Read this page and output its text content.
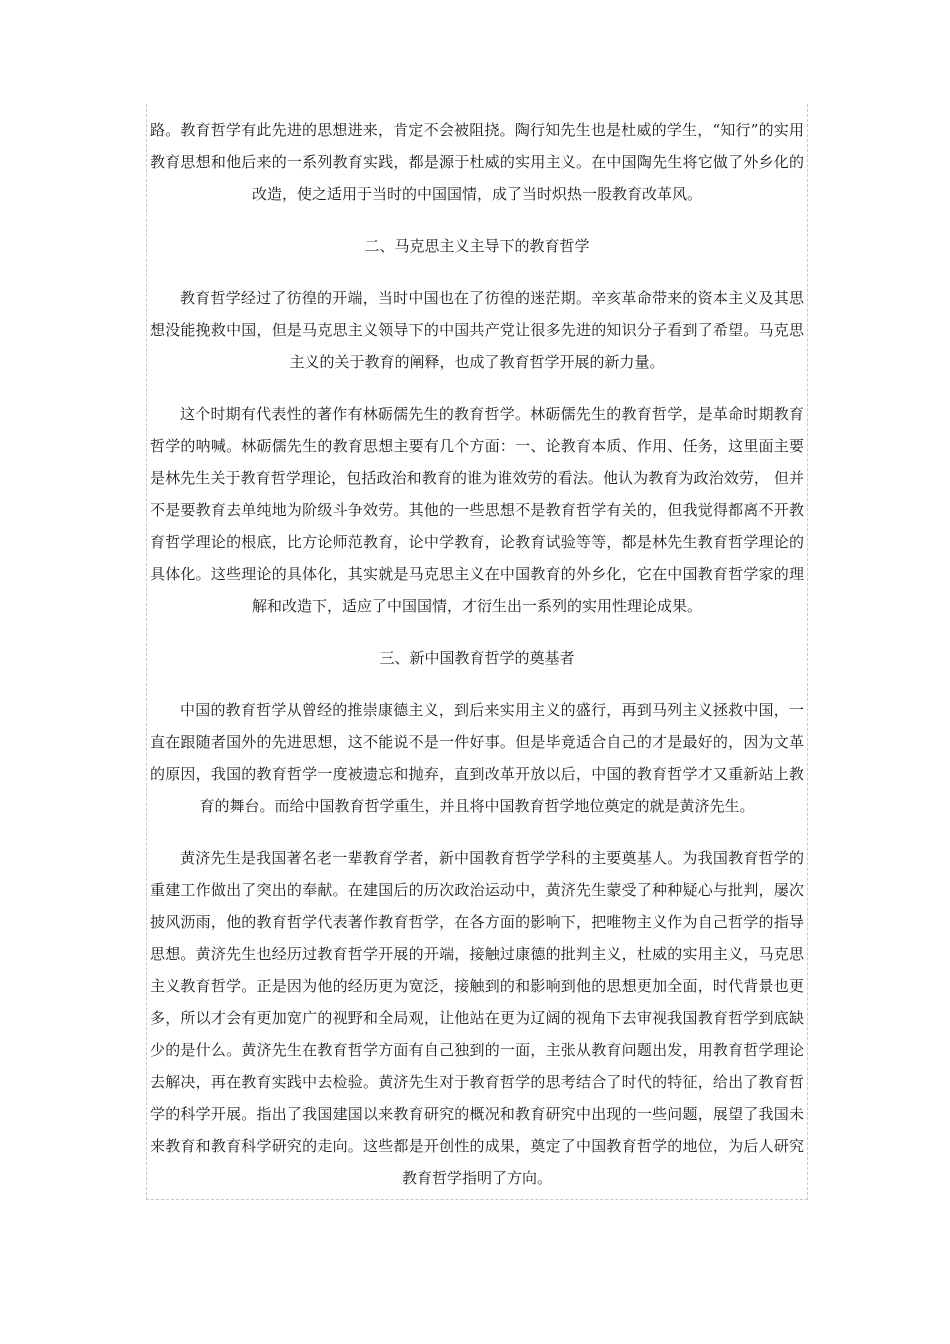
路。教育哲学有此先进的思想进来，肯定不会被阻挠。陶行知先生也是杜威的学生，“知行”的实用教育思想和他后来的一系列教育实践，都是源于杜威的实用主义。在中国陶先生将它做了外乡化的改造，使之适用于当时的中国国情，成了当时炽热一股教育改革风。

二、马克思主义主导下的教育哲学

教育哲学经过了彷徨的开端，当时中国也在了彷徨的迷茫期。辛亥革命带来的资本主义及其思想没能挽救中国，但是马克思主义领导下的中国共产党让很多先进的知识分子看到了希望。马克思主义的关于教育的阐释，也成了教育哲学开展的新力量。

这个时期有代表性的著作有林砺儒先生的教育哲学。林砺儒先生的教育哲学，是革命时期教育哲学的呐喊。林砺儒先生的教育思想主要有几个方面：一、论教育本质、作用、任务，这里面主要是林先生关于教育哲学理论，包括政治和教育的谁为谁效劳的看法。他认为教育为政治效劳， 但并不是要教育去单纯地为阶级斗争效劳。其他的一些思想不是教育哲学有关的，但我觉得都离不开教育哲学理论的根底，比方论师范教育，论中学教育，论教育试验等等，都是林先生教育哲学理论的具体化。这些理论的具体化，其实就是马克思主义在中国教育的外乡化，它在中国教育哲学家的理解和改造下，适应了中国国情，才衍生出一系列的实用性理论成果。

三、新中国教育哲学的奠基者

中国的教育哲学从曾经的推崇康德主义，到后来实用主义的盛行，再到马列主义拯救中国，一直在跟随者国外的先进思想，这不能说不是一件好事。但是毕竟适合自己的才是最好的，因为文革的原因，我国的教育哲学一度被遗忘和抛弃，直到改革开放以后，中国的教育哲学才又重新站上教育的舞台。而给中国教育哲学重生，并且将中国教育哲学地位奠定的就是黄济先生。

黄济先生是我国著名老一辈教育学者，新中国教育哲学学科的主要奠基人。为我国教育哲学的重建工作做出了突出的奉献。在建国后的历次政治运动中，黄济先生蒙受了种种疑心与批判，屡次披风沥雨，他的教育哲学代表著作教育哲学，在各方面的影响下，把唯物主义作为自己哲学的指导思想。黄济先生也经历过教育哲学开展的开端，接触过康德的批判主义，杜威的实用主义，马克思主义教育哲学。正是因为他的经历更为宽泛，接触到的和影响到他的思想更加全面，时代背景也更多，所以才会有更加宽广的视野和全局观，让他站在更为辽阔的视角下去审视我国教育哲学到底缺少的是什么。黄济先生在教育哲学方面有自己独到的一面，主张从教育问题出发，用教育哲学理论去解决，再在教育实践中去检验。黄济先生对于教育哲学的思考结合了时代的特征，给出了教育哲学的科学开展。指出了我国建国以来教育研究的概况和教育研究中出现的一些问题，展望了我国未来教育和教育科学研究的走向。这些都是开创性的成果，奠定了中国教育哲学的地位，为后人研究教育哲学指明了方向。
